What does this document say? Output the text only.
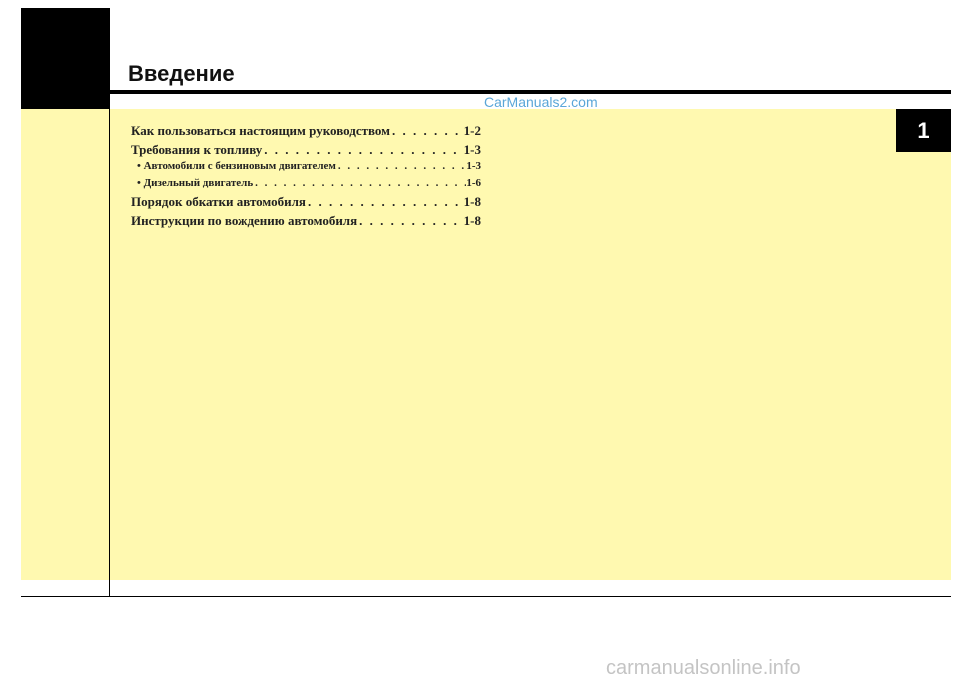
Введение
CarManuals2.com
1
Как пользоваться настоящим руководством . . .	1-2
Требования к топливу . . .	1-3
• Автомобили с бензиновым двигателем . . .	1-3
• Дизельный двигатель . . .	1-6
Порядок обкатки автомобиля . . .	1-8
Инструкции по вождению автомобиля . . .	1-8
carmanualsonline.info
